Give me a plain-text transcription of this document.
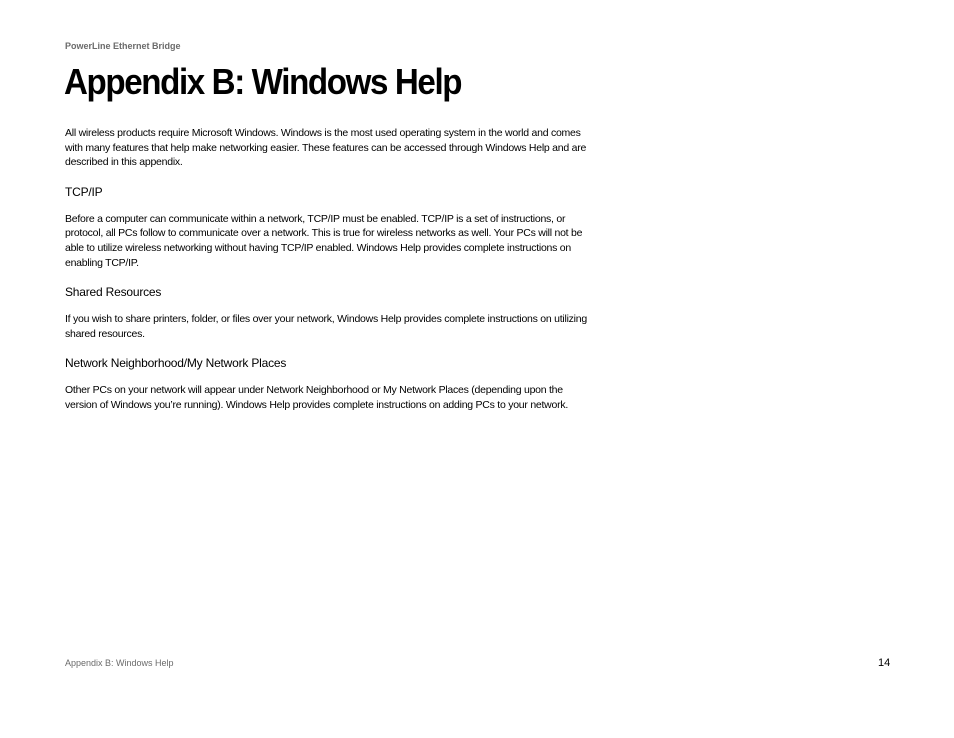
PowerLine Ethernet Bridge
Appendix B: Windows Help

All wireless products require Microsoft Windows. Windows is the most used operating system in the world and comes with many features that help make networking easier. These features can be accessed through Windows Help and are described in this appendix.

TCP/IP

Before a computer can communicate within a network, TCP/IP must be enabled. TCP/IP is a set of instructions, or protocol, all PCs follow to communicate over a network. This is true for wireless networks as well. Your PCs will not be able to utilize wireless networking without having TCP/IP enabled. Windows Help provides complete instructions on enabling TCP/IP.

Shared Resources

If you wish to share printers, folder, or files over your network, Windows Help provides complete instructions on utilizing shared resources.

Network Neighborhood/My Network Places

Other PCs on your network will appear under Network Neighborhood or My Network Places (depending upon the version of Windows you’re running). Windows Help provides complete instructions on adding PCs to your network.

Appendix B: Windows Help	14
